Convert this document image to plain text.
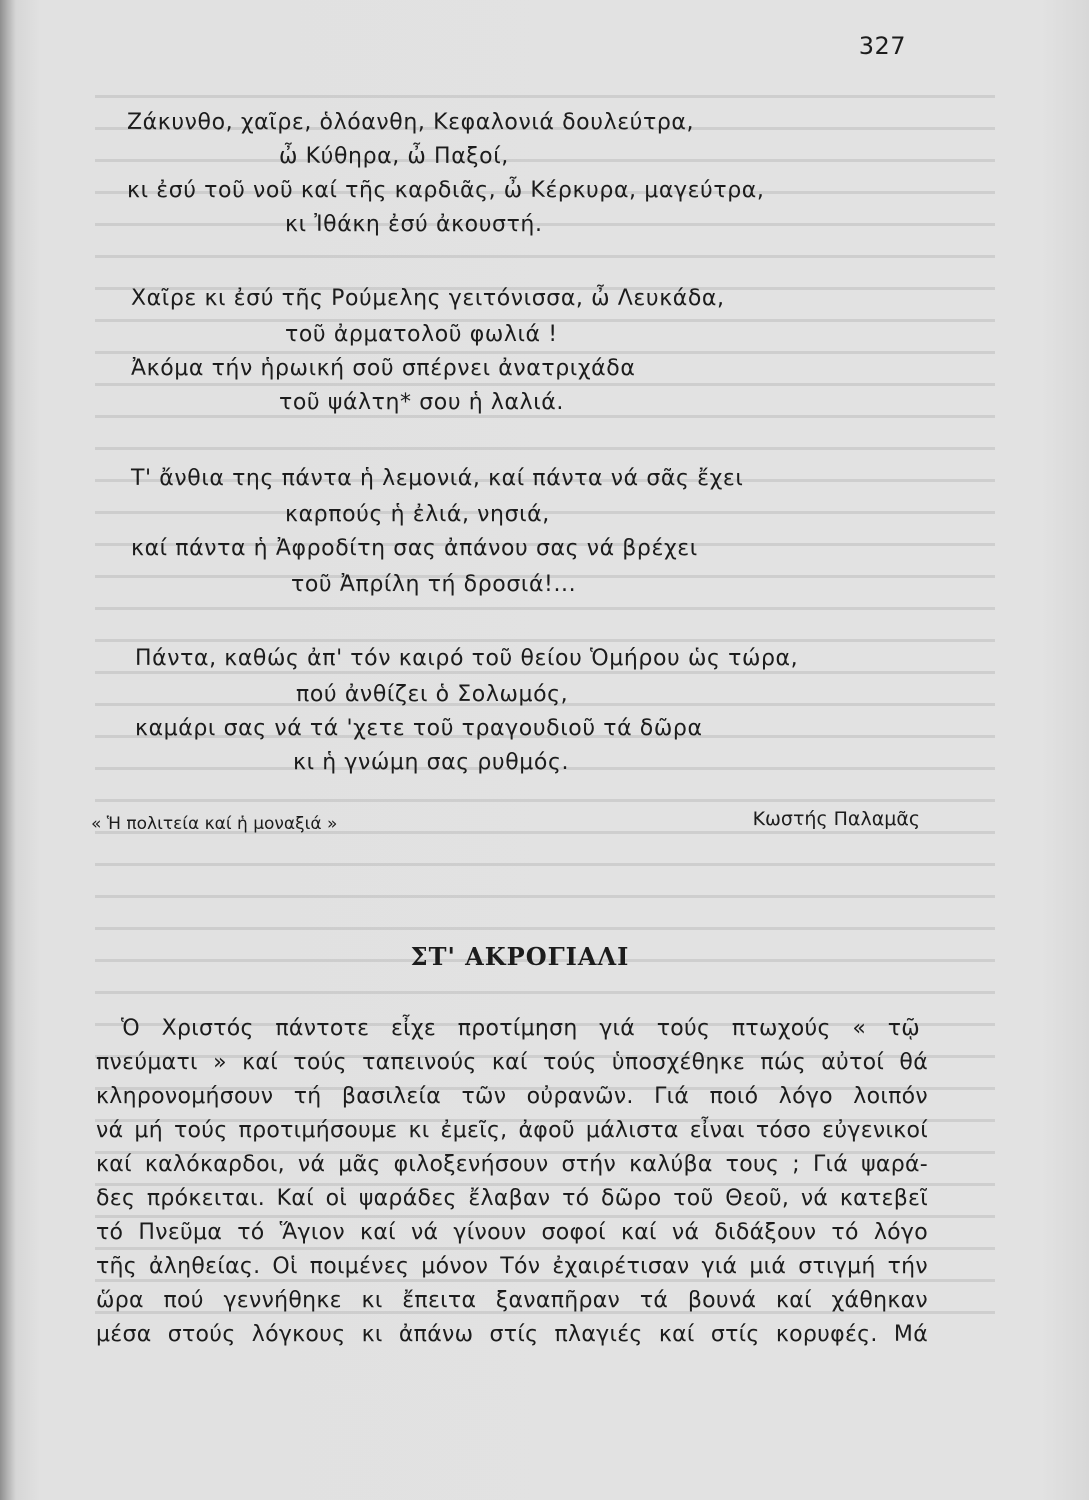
327
Ζάκυνθο, χαῖρε, ὁλόανθη, Κεφαλονιά δουλεύτρα,
ὦ Κύθηρα, ὦ Παξοί,
κι ἐσύ τοῦ νοῦ καί τῆς καρδιᾶς, ὦ Κέρκυρα, μαγεύτρα,
κι Ἰθάκη ἐσύ ἀκουστή.
Χαῖρε κι ἐσύ τῆς Ρούμελης γειτόνισσα, ὦ Λευκάδα,
τοῦ ἀρματολοῦ φωλιά !
Ἀκόμα τήν ἡρωική σοῦ σπέρνει ἀνατριχάδα
τοῦ ψάλτη* σου ἡ λαλιά.
Τ' ἄνθια της πάντα ἡ λεμονιά, καί πάντα νά σᾶς ἔχει
καρπούς ἡ ἐλιά, νησιά,
καί πάντα ἡ Ἀφροδίτη σας ἀπάνου σας νά βρέχει
τοῦ Ἀπρίλη τή δροσιά!...
Πάντα, καθώς ἀπ' τόν καιρό τοῦ θείου Ὁμήρου ὡς τώρα,
πού ἀνθίζει ὁ Σολωμός,
καμάρι σας νά τά 'χετε τοῦ τραγουδιοῦ τά δῶρα
κι ἡ γνώμη σας ρυθμός.
« Ἡ πολιτεία καί ἡ μοναξιά »	Κωστής Παλαμᾶς
ΣΤ' ΑΚΡΟΓΙΑΛΙ
Ὁ Χριστός πάντοτε εἶχε προτίμηση γιά τούς πτωχούς « τῷ
πνεύματι » καί τούς ταπεινούς καί τούς ὑποσχέθηκε πώς αὐτοί θά
κληρονομήσουν τή βασιλεία τῶν οὐρανῶν. Γιά ποιό λόγο λοιπόν
νά μή τούς προτιμήσουμε κι ἐμεῖς, ἀφοῦ μάλιστα εἶναι τόσο εὐγενικοί
καί καλόκαρδοι, νά μᾶς φιλοξενήσουν στήν καλύβα τους ; Γιά ψαρά-
δες πρόκειται. Καί οἱ ψαράδες ἔλαβαν τό δῶρο τοῦ Θεοῦ, νά κατεβεῖ
τό Πνεῦμα τό Ἅγιον καί νά γίνουν σοφοί καί νά διδάξουν τό λόγο
τῆς ἀληθείας. Οἱ ποιμένες μόνον Τόν ἐχαιρέτισαν γιά μιά στιγμή τήν
ὥρα πού γεννήθηκε κι ἔπειτα ξαναπῆραν τά βουνά καί χάθηκαν
μέσα στούς λόγκους κι ἀπάνω στίς πλαγιές καί στίς κορυφές. Μά
